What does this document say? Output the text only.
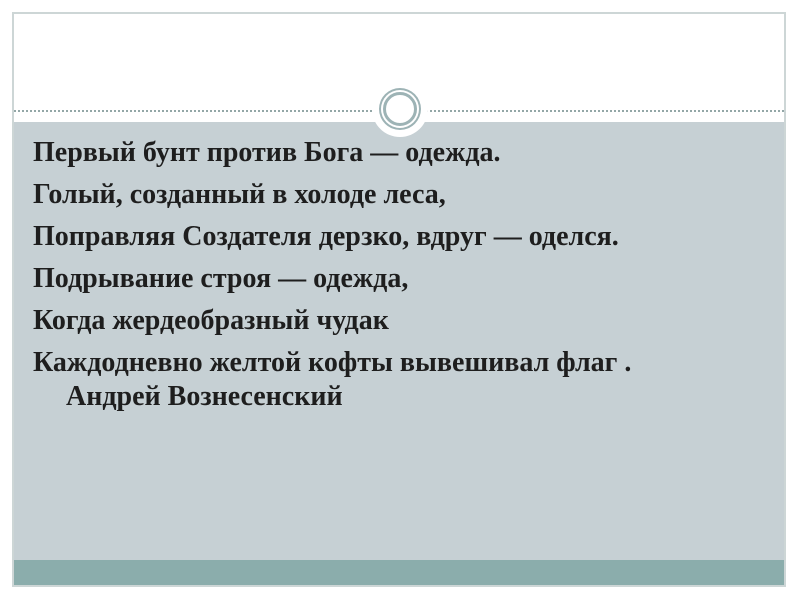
Первый бунт против Бога — одежда.

Голый, созданный в холоде леса,

Поправляя Создателя дерзко, вдруг — оделся.

Подрывание строя — одежда,

Когда жердеобразный чудак

Каждодневно желтой кофты вывешивал флаг .

Андрей Вознесенский
